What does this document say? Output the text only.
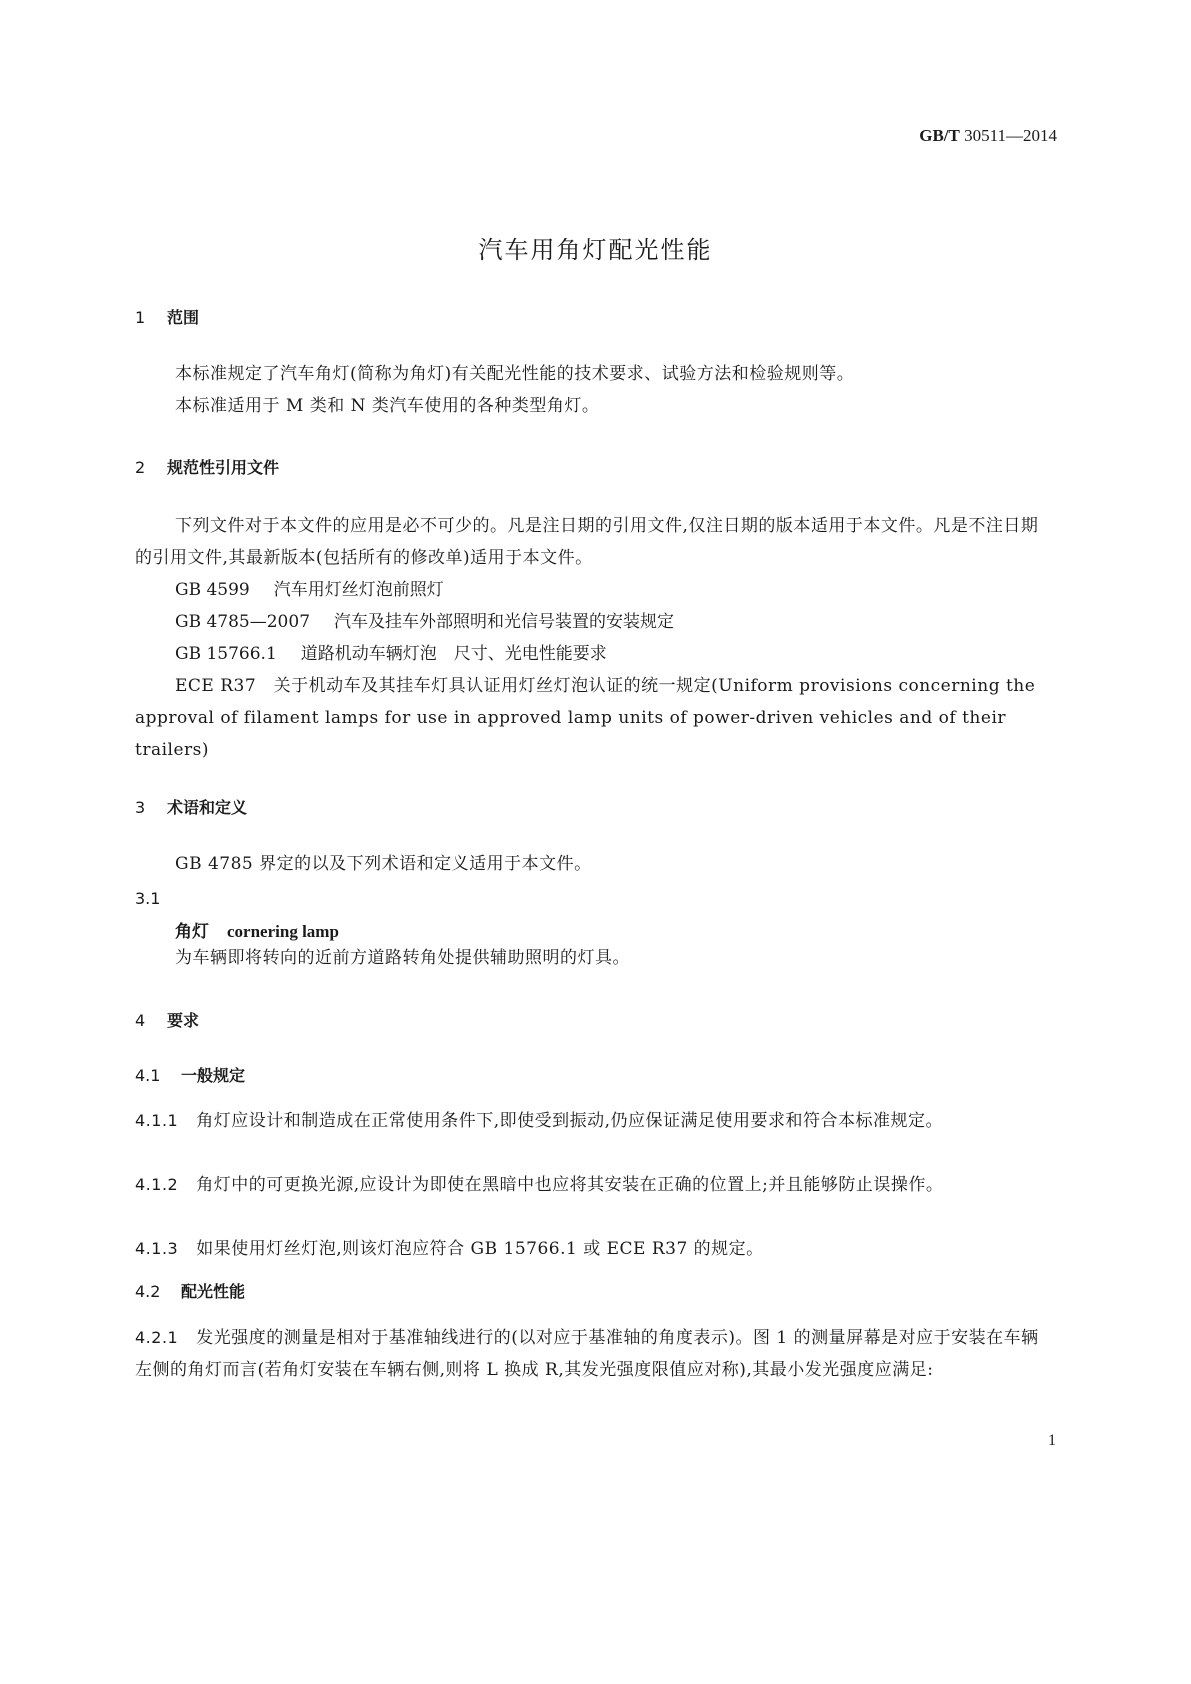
GB/T 30511—2014
汽车用角灯配光性能
1 范围
本标准规定了汽车角灯(简称为角灯)有关配光性能的技术要求、试验方法和检验规则等。
本标准适用于 M 类和 N 类汽车使用的各种类型角灯。
2 规范性引用文件
下列文件对于本文件的应用是必不可少的。凡是注日期的引用文件,仅注日期的版本适用于本文件。凡是不注日期的引用文件,其最新版本(包括所有的修改单)适用于本文件。
GB 4599 汽车用灯丝灯泡前照灯
GB 4785—2007 汽车及挂车外部照明和光信号装置的安装规定
GB 15766.1 道路机动车辆灯泡　尺寸、光电性能要求
ECE R37　关于机动车及其挂车灯具认证用灯丝灯泡认证的统一规定(Uniform provisions concerning the approval of filament lamps for use in approved lamp units of power-driven vehicles and of their trailers)
3 术语和定义
GB 4785 界定的以及下列术语和定义适用于本文件。
3.1
角灯 cornering lamp
为车辆即将转向的近前方道路转角处提供辅助照明的灯具。
4 要求
4.1 一般规定
4.1.1 角灯应设计和制造成在正常使用条件下,即使受到振动,仍应保证满足使用要求和符合本标准规定。
4.1.2 角灯中的可更换光源,应设计为即使在黑暗中也应将其安装在正确的位置上;并且能够防止误操作。
4.1.3 如果使用灯丝灯泡,则该灯泡应符合 GB 15766.1 或 ECE R37 的规定。
4.2 配光性能
4.2.1 发光强度的测量是相对于基准轴线进行的(以对应于基准轴的角度表示)。图 1 的测量屏幕是对应于安装在车辆左侧的角灯而言(若角灯安装在车辆右侧,则将 L 换成 R,其发光强度限值应对称),其最小发光强度应满足:
1
